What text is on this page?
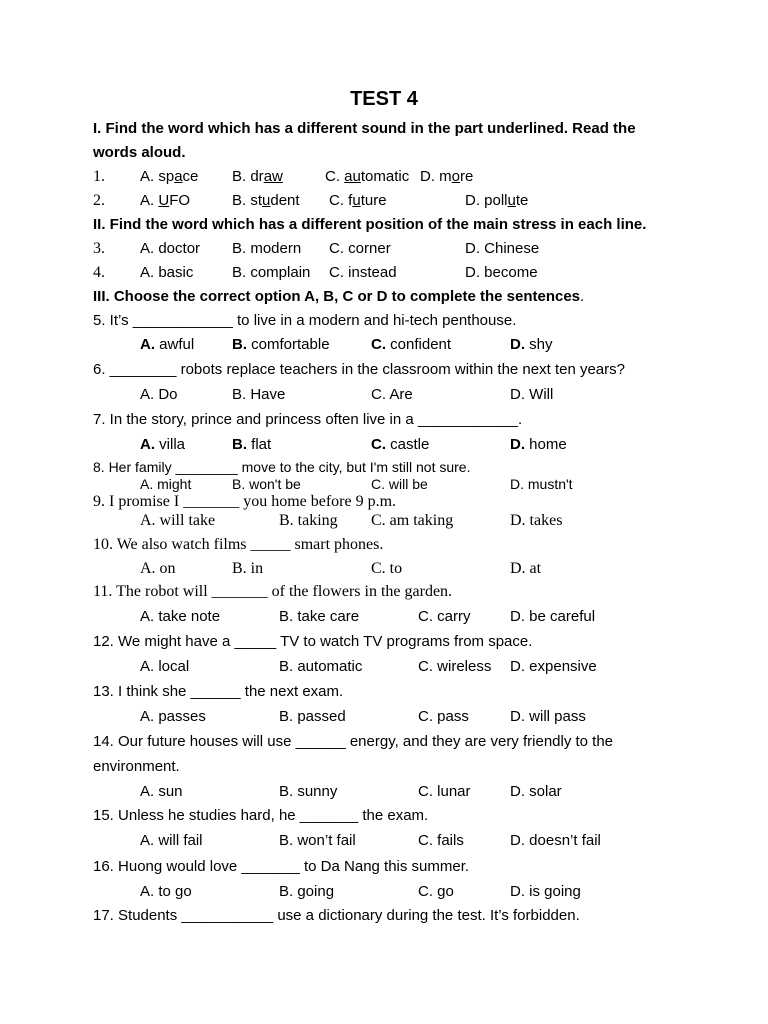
TEST 4
I. Find the word which has a different sound in the part underlined. Read the
words aloud.
1. A. space B. draw	C. automatic D. more
2. A. UFO	B. student C. future	D. pollute
II. Find the word which has a different position of the main stress in each line.
3. A. doctor B. modern C. corner	D. Chinese
4. A. basic	B. complain C. instead	D. become
III. Choose the correct option A, B, C or D to complete the sentences.
5. It’s ____________ to live in a modern and hi-tech penthouse.
A. awful	B. comfortable	C. confident	D. shy
6. ________ robots replace teachers in the classroom within the next ten years?
A. Do	B. Have	C. Are	D. Will
7. In the story, prince and princess often live in a ____________.
A. villa	B. flat	C. castle	D. home
8. Her family ________ move to the city, but I'm still not sure.
A. might	B. won't be	C. will be	D. mustn't
9. I promise I _______ you home before 9 p.m.
A. will take	B. taking C. am taking	D. takes
10. We also watch films _____ smart phones.
A. on	B. in	C. to	D. at
11. The robot will _______ of the flowers in the garden.
A. take note	B. take care	C. carry	D. be careful
12. We might have a _____ TV to watch TV programs from space.
A. local	B. automatic	C. wireless D. expensive
13. I think she ______ the next exam.
A. passes	B. passed	C. pass	D. will pass
14. Our future houses will use ______ energy, and they are very friendly to the
environment.
A. sun	B. sunny	C. lunar	D. solar
15. Unless he studies hard, he _______ the exam.
A. will fail	B. won’t fail	C. fails	D. doesn’t fail
16. Huong would love _______ to Da Nang this summer.
A. to go	B. going	C. go	D. is going
17. Students ___________ use a dictionary during the test. It’s forbidden.
